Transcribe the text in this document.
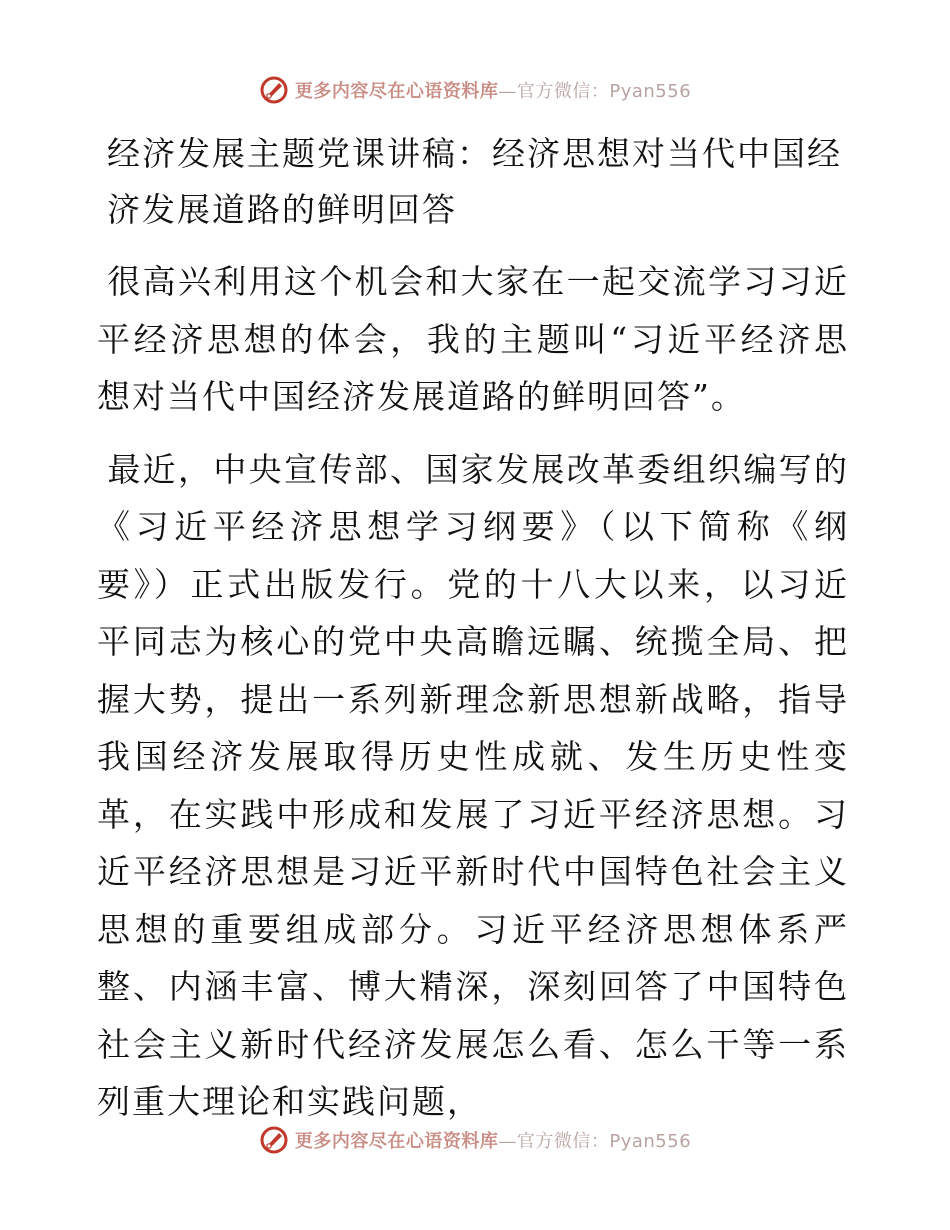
更多内容尽在心语资料库—官方微信：Pyan556
经济发展主题党课讲稿：经济思想对当代中国经济发展道路的鲜明回答

很高兴利用这个机会和大家在一起交流学习习近平经济思想的体会，我的主题叫“习近平经济思想对当代中国经济发展道路的鲜明回答”。

最近，中央宣传部、国家发展改革委组织编写的《习近平经济思想学习纲要》（以下简称《纲要》）正式出版发行。党的十八大以来，以习近平同志为核心的党中央高瞻远瞩、统揽全局、把握大势，提出一系列新理念新思想新战略，指导我国经济发展取得历史性成就、发生历史性变革，在实践中形成和发展了习近平经济思想。习近平经济思想是习近平新时代中国特色社会主义思想的重要组成部分。习近平经济思想体系严整、内涵丰富、博大精深，深刻回答了中国特色社会主义新时代经济发展怎么看、怎么干等一系列重大理论和实践问题，

更多内容尽在心语资料库—官方微信：Pyan556
